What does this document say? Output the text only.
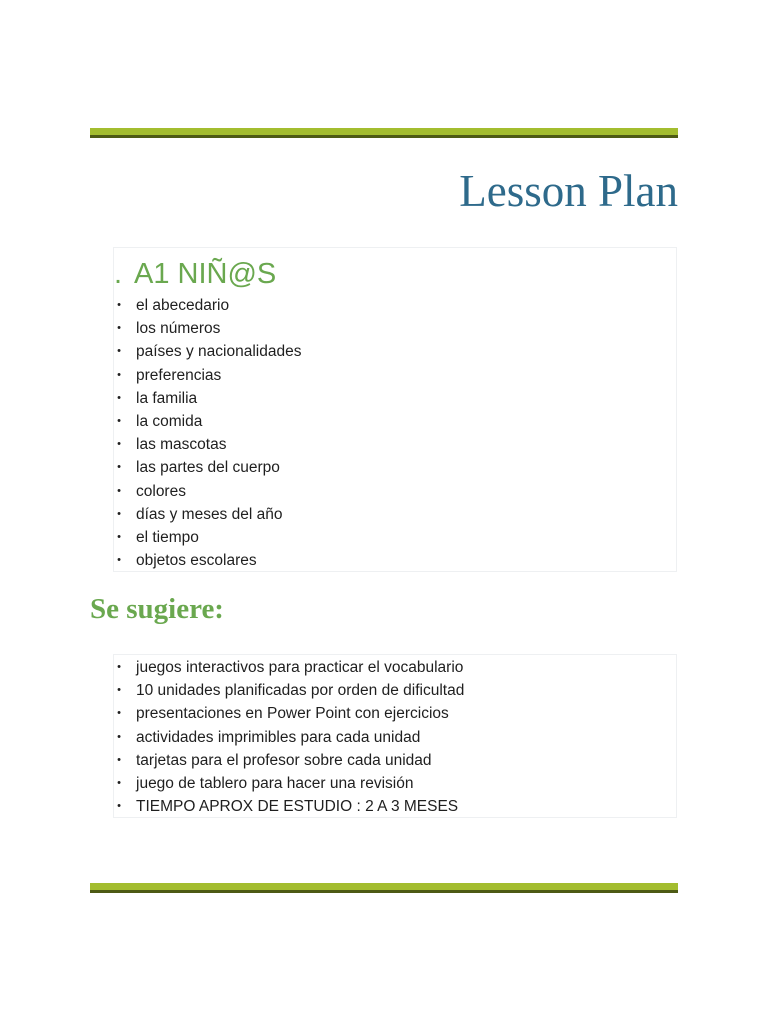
Lesson Plan
. A1 NIÑ@S
• el abecedario
• los números
• países y nacionalidades
• preferencias
• la familia
• la comida
• las mascotas
• las partes del cuerpo
• colores
• días y meses del año
• el tiempo
• objetos escolares
Se sugiere:
• juegos interactivos para practicar el vocabulario
• 10 unidades planificadas por orden de dificultad
• presentaciones en Power Point con ejercicios
• actividades imprimibles para cada unidad
• tarjetas para el profesor sobre cada unidad
• juego de tablero para hacer una revisión
• TIEMPO APROX DE ESTUDIO : 2 A 3 MESES
